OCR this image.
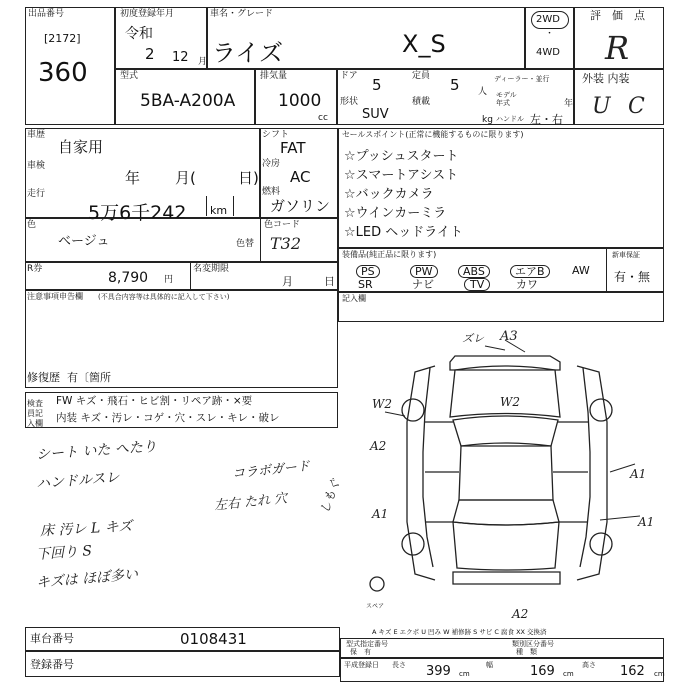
出品番号
[2172]
360
初度登録年月
令和
2 12 月
車名・グレード
ライズ	X_S
2WD
・
4WD
評　価　点
R
型式
5BA-A200A
排気量
1000
cc
ドア 5	定員 5 人
ディーラー・並行
モデル
年式	年
形状
SUV
積載
kg ハンドル 左・右
外装 内装
U C
車歴
自家用
車検
年 月(	日)
走行
5万6千242 km
シフト
FAT
冷房
AC
燃料
ガソリン
色
ベージュ	色替
色コード
T32
R券
8,790 円
名変期限
月	日
セールスポイント(正常に機能するものに限ります)
☆プッシュスタート
☆スマートアシスト
☆バックカメラ
☆ウインカーミラ
☆LED ヘッドライト
装備品(純正品に限ります)	新車保証
有・無
PS	PW	ABS	エアB	AW
SR	ナビ	TV	カワ
注意事項申告欄 (不具合内容等は具体的に記入して下さい)	記入欄
修復歴 有〔箇所
検査員記入欄
FW キズ・飛石・ヒビ割・リペア跡・×要
内装 キズ・汚レ・コゲ・穴・スレ・キレ・破レ
シート いた へたり
ハンドルスレ
床 汚レ L キズ
下回り S
キズは ほぼ多い
コラボガード
左右 たれ 穴 しもぐ
ズレ A3
W2	W2
A2
A1
A1
A1
A2
スペア
A キズ E エクボ U 凹み W 補修跡 S サビ C 腐食 XX 交換済
車台番号	0108431
登録番号
型式指定番号
保　有
類別区分番号
種　類
平成登録日 長さ 399 cm
幅	169 cm
高さ 162 cm
